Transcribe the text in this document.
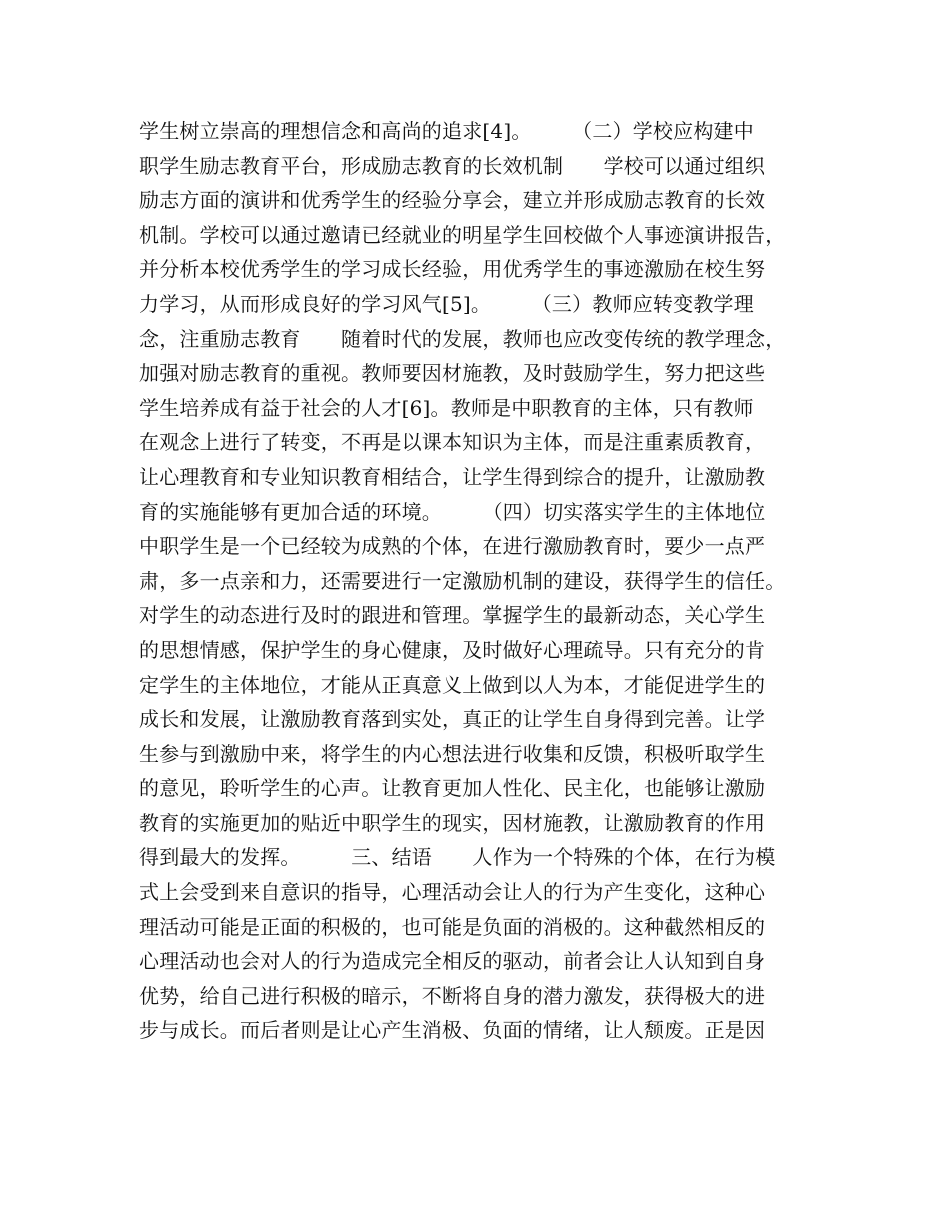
学生树立崇高的理想信念和高尚的追求[4]。　　　（二）学校应构建中
职学生励志教育平台，形成励志教育的长效机制　　学校可以通过组织
励志方面的演讲和优秀学生的经验分享会，建立并形成励志教育的长效
机制。学校可以通过邀请已经就业的明星学生回校做个人事迹演讲报告，
并分析本校优秀学生的学习成长经验，用优秀学生的事迹激励在校生努
力学习，从而形成良好的学习风气[5]。　　　（三）教师应转变教学理
念，注重励志教育　　随着时代的发展，教师也应改变传统的教学理念，
加强对励志教育的重视。教师要因材施教，及时鼓励学生，努力把这些
学生培养成有益于社会的人才[6]。教师是中职教育的主体，只有教师
在观念上进行了转变，不再是以课本知识为主体，而是注重素质教育，
让心理教育和专业知识教育相结合，让学生得到综合的提升，让激励教
育的实施能够有更加合适的环境。　　　（四）切实落实学生的主体地位
中职学生是一个已经较为成熟的个体，在进行激励教育时，要少一点严
肃，多一点亲和力，还需要进行一定激励机制的建设，获得学生的信任。
对学生的动态进行及时的跟进和管理。掌握学生的最新动态，关心学生
的思想情感，保护学生的身心健康，及时做好心理疏导。只有充分的肯
定学生的主体地位，才能从正真意义上做到以人为本，才能促进学生的
成长和发展，让激励教育落到实处，真正的让学生自身得到完善。让学
生参与到激励中来，将学生的内心想法进行收集和反馈，积极听取学生
的意见，聆听学生的心声。让教育更加人性化、民主化，也能够让激励
教育的实施更加的贴近中职学生的现实，因材施教，让激励教育的作用
得到最大的发挥。　　　三、结语　　人作为一个特殊的个体，在行为模
式上会受到来自意识的指导，心理活动会让人的行为产生变化，这种心
理活动可能是正面的积极的，也可能是负面的消极的。这种截然相反的
心理活动也会对人的行为造成完全相反的驱动，前者会让人认知到自身
优势，给自己进行积极的暗示，不断将自身的潜力激发，获得极大的进
步与成长。而后者则是让心产生消极、负面的情绪，让人颓废。正是因
